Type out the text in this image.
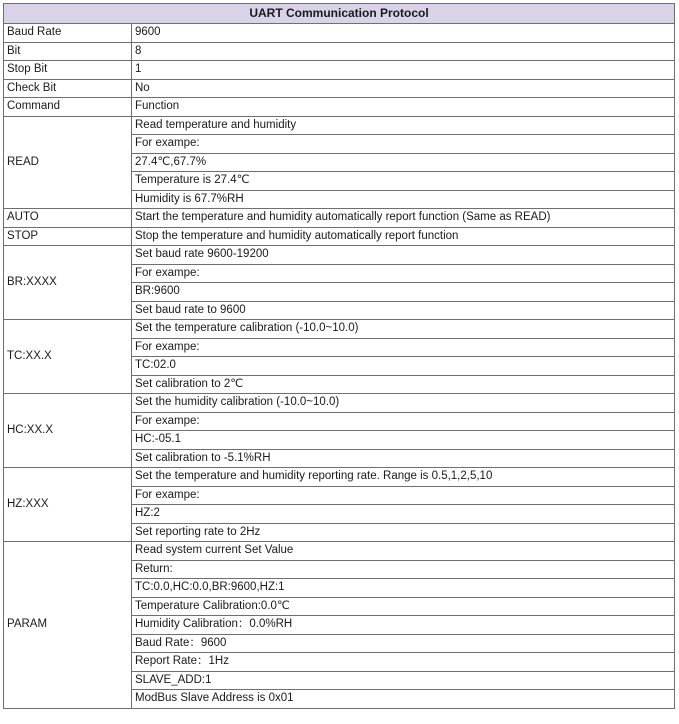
UART Communication Protocol	
Baud Rate	9600
Bit	8
Stop Bit	1
Check Bit	No
Command	Function
READ	Read temperature and humidity
	For exampe:
	27.4℃,67.7%
	Temperature is 27.4℃
	Humidity is 67.7%RH
AUTO	Start the temperature and humidity automatically report function (Same as READ)
STOP	Stop the temperature and humidity automatically report function
BR:XXXX	Set baud rate 9600-19200
	For exampe:
	BR:9600
	Set baud rate to 9600
TC:XX.X	Set the temperature calibration (-10.0~10.0)
	For exampe:
	TC:02.0
	Set calibration to 2℃
HC:XX.X	Set the humidity calibration (-10.0~10.0)
	For exampe:
	HC:-05.1
	Set calibration to -5.1%RH
HZ:XXX	Set the temperature and humidity reporting rate. Range is 0.5,1,2,5,10
	For exampe:
	HZ:2
	Set reporting rate to 2Hz
PARAM	Read system current Set Value
	Return:
	TC:0.0,HC:0.0,BR:9600,HZ:1
	Temperature Calibration:0.0℃
	Humidity Calibration：0.0%RH
	Baud Rate：9600
	Report Rate：1Hz
	SLAVE_ADD:1
	ModBus Slave Address is 0x01
